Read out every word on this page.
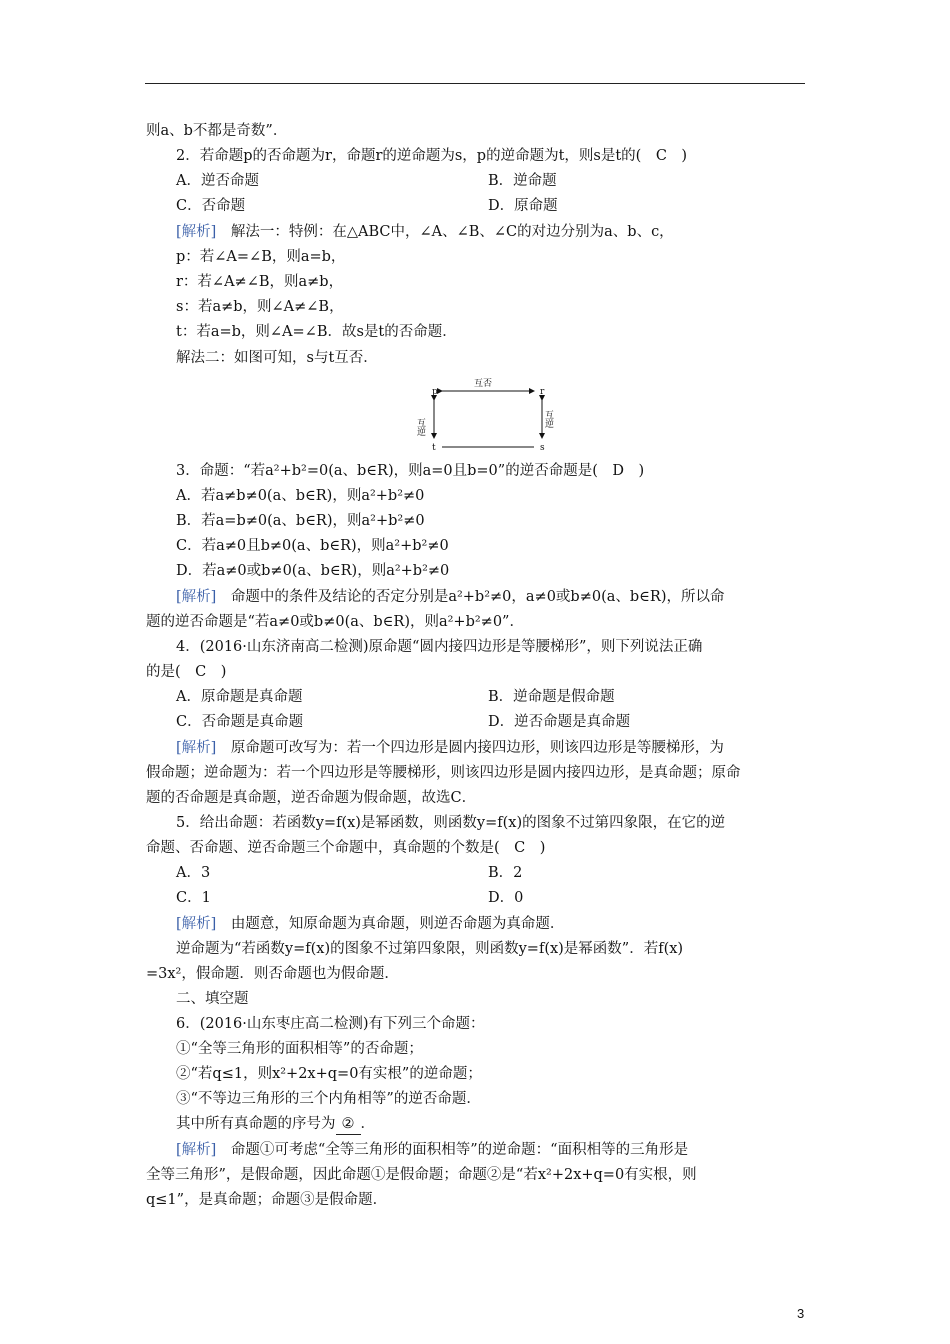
则a、b不都是奇数”．
2．若命题p的否命题为r，命题r的逆命题为s，p的逆命题为t，则s是t的(　C　)
A．逆否命题	B．逆命题
C．否命题	D．原命题
[解析]　 解法一：特例：在△ABC中，∠A、∠B、∠C的对边分别为a、b、c，
p：若∠A=∠B，则a=b，
r：若∠A≠∠B，则a≠b，
s：若a≠b，则∠A≠∠B，
t：若a=b，则∠A=∠B．故s是t的否命题．
解法二：如图可知，s与t互否．
p	r
t	s
互否
互逆	互逆
3．命题：“若a²+b²=0(a、b∈R)，则a=0且b=0”的逆否命题是(　D　)
A．若a≠b≠0(a、b∈R)，则a²+b²≠0
B．若a=b≠0(a、b∈R)，则a²+b²≠0
C．若a≠0且b≠0(a、b∈R)，则a²+b²≠0
D．若a≠0或b≠0(a、b∈R)，则a²+b²≠0
[解析]　 命题中的条件及结论的否定分别是a²+b²≠0，a≠0或b≠0(a、b∈R)，所以命
题的逆否命题是“若a≠0或b≠0(a、b∈R)，则a²+b²≠0”．
4．(2016·山东济南高二检测)原命题“圆内接四边形是等腰梯形”，则下列说法正确
的是(　C　)
A．原命题是真命题	B．逆命题是假命题
C．否命题是真命题	D．逆否命题是真命题
[解析]　 原命题可改写为：若一个四边形是圆内接四边形，则该四边形是等腰梯形，为
假命题；逆命题为：若一个四边形是等腰梯形，则该四边形是圆内接四边形，是真命题；原命
题的否命题是真命题，逆否命题为假命题，故选C．
5．给出命题：若函数y=f(x)是幂函数，则函数y=f(x)的图象不过第四象限，在它的逆
命题、否命题、逆否命题三个命题中，真命题的个数是(　C　)
A．3	B．2
C．1	D．0
[解析]　 由题意，知原命题为真命题，则逆否命题为真命题．
逆命题为“若函数y=f(x)的图象不过第四象限，则函数y=f(x)是幂函数”．若f(x)
=3x²，假命题．则否命题也为假命题．
二、填空题
6．(2016·山东枣庄高二检测)有下列三个命题：
①“全等三角形的面积相等”的否命题；
②“若q≤1，则x²+2x+q=0有实根”的逆命题；
③“不等边三角形的三个内角相等”的逆否命题．
其中所有真命题的序号为 ② ．
[解析]　 命题①可考虑“全等三角形的面积相等”的逆命题：“面积相等的三角形是
全等三角形”，是假命题，因此命题①是假命题；命题②是“若x²+2x+q=0有实根，则
q≤1”，是真命题；命题③是假命题．
3
